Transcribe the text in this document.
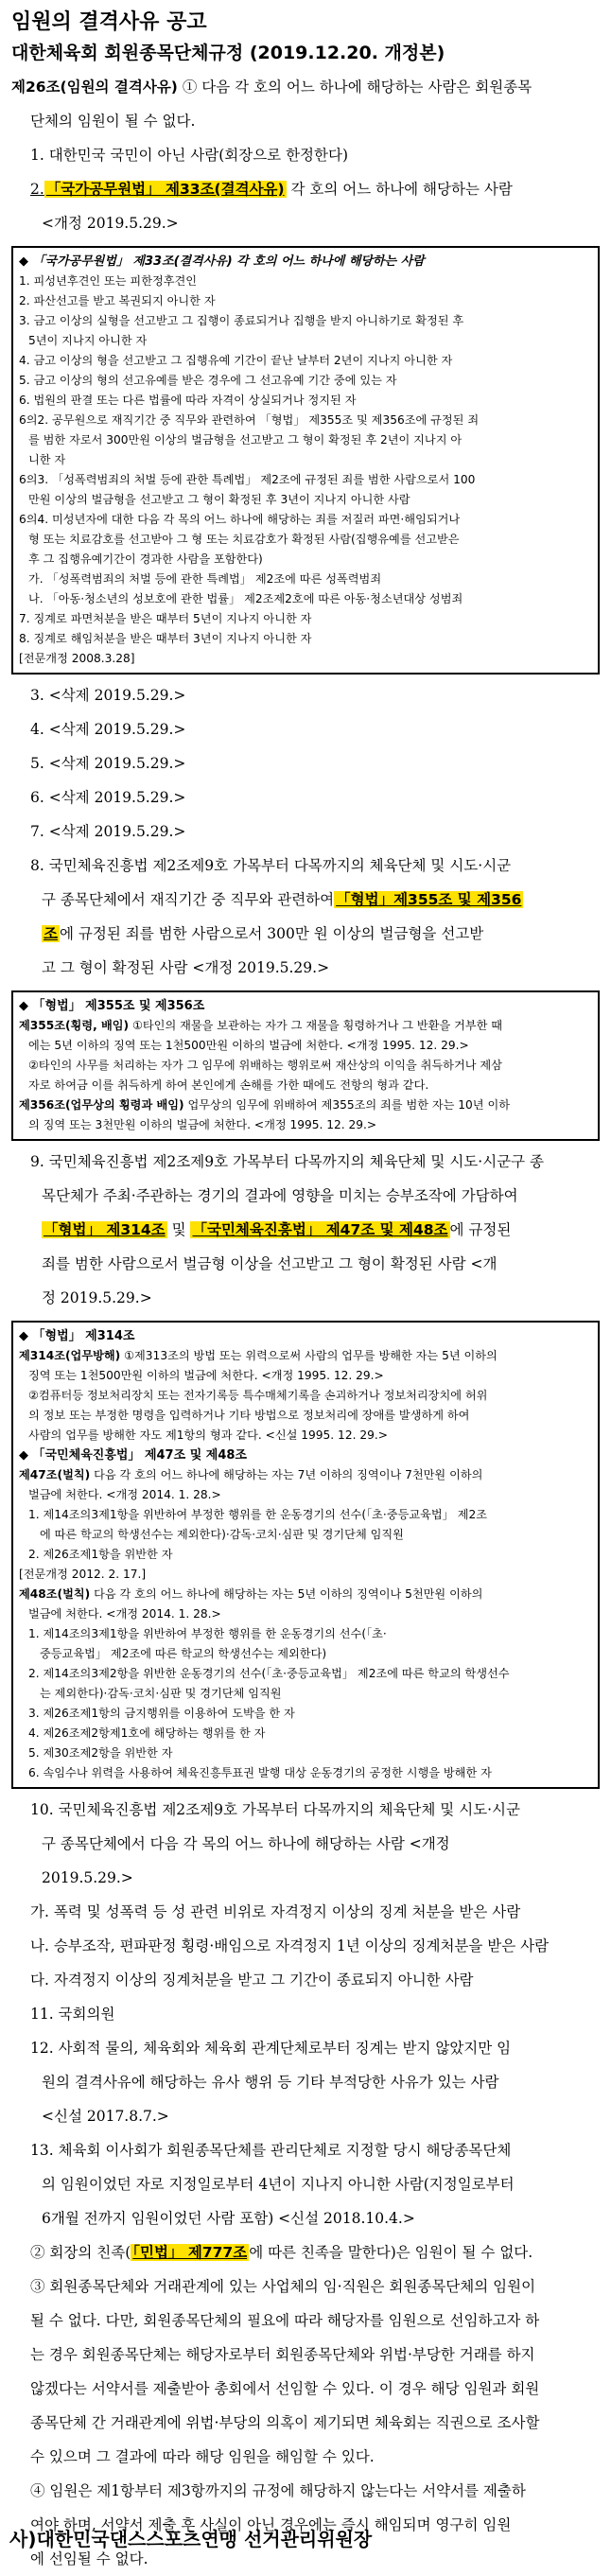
임원의 결격사유 공고
대한체육회 회원종목단체규정 (2019.12.20. 개정본)

제26조(임원의 결격사유) ① 다음 각 호의 어느 하나에 해당하는 사람은 회원종목

단체의 임원이 될 수 없다.

1. 대한민국 국민이 아닌 사람(회장으로 한정한다)

2. 「국가공무원법」 제33조(결격사유) 각 호의 어느 하나에 해당하는 사람

<개정 2019.5.29.>

◆ 「국가공무원법」 제33조(결격사유) 각 호의 어느 하나에 해당하는 사람

1. 피성년후견인 또는 피한정후견인

2. 파산선고를 받고 복권되지 아니한 자

3. 금고 이상의 실형을 선고받고 그 집행이 종료되거나 집행을 받지 아니하기로 확정된 후

5년이 지나지 아니한 자

4. 금고 이상의 형을 선고받고 그 집행유예 기간이 끝난 날부터 2년이 지나지 아니한 자

5. 금고 이상의 형의 선고유예를 받은 경우에 그 선고유예 기간 중에 있는 자

6. 법원의 판결 또는 다른 법률에 따라 자격이 상실되거나 정지된 자

6의2. 공무원으로 재직기간 중 직무와 관련하여 「형법」 제355조 및 제356조에 규정된 죄

를 범한 자로서 300만원 이상의 벌금형을 선고받고 그 형이 확정된 후 2년이 지나지 아

니한 자

6의3. 「성폭력범죄의 처벌 등에 관한 특례법」 제2조에 규정된 죄를 범한 사람으로서 100

만원 이상의 벌금형을 선고받고 그 형이 확정된 후 3년이 지나지 아니한 사람

6의4. 미성년자에 대한 다음 각 목의 어느 하나에 해당하는 죄를 저질러 파면·해임되거나

형 또는 치료감호를 선고받아 그 형 또는 치료감호가 확정된 사람(집행유예를 선고받은

후 그 집행유예기간이 경과한 사람을 포함한다)

가. 「성폭력범죄의 처벌 등에 관한 특례법」 제2조에 따른 성폭력범죄

나. 「아동·청소년의 성보호에 관한 법률」 제2조제2호에 따른 아동·청소년대상 성범죄

7. 징계로 파면처분을 받은 때부터 5년이 지나지 아니한 자

8. 징계로 해임처분을 받은 때부터 3년이 지나지 아니한 자

[전문개정 2008.3.28]

3. <삭제 2019.5.29.>

4. <삭제 2019.5.29.>

5. <삭제 2019.5.29.>

6. <삭제 2019.5.29.>

7. <삭제 2019.5.29.>

8. 국민체육진흥법 제2조제9호 가목부터 다목까지의 체육단체 및 시도·시군

구 종목단체에서 재직기간 중 직무와 관련하여 「형법」제355조 및 제356

조 에 규정된 죄를 범한 사람으로서 300만 원 이상의 벌금형을 선고받

고 그 형이 확정된 사람 <개정 2019.5.29.>

◆ 「형법」 제355조 및 제356조

제355조(횡령, 배임) ①타인의 재물을 보관하는 자가 그 재물을 횡령하거나 그 반환을 거부한 때

에는 5년 이하의 징역 또는 1천500만원 이하의 벌금에 처한다. <개정 1995. 12. 29.>

②타인의 사무를 처리하는 자가 그 임무에 위배하는 행위로써 재산상의 이익을 취득하거나 제삼

자로 하여금 이를 취득하게 하여 본인에게 손해를 가한 때에도 전항의 형과 같다.

제356조(업무상의 횡령과 배임) 업무상의 임무에 위배하여 제355조의 죄를 범한 자는 10년 이하

의 징역 또는 3천만원 이하의 벌금에 처한다. <개정 1995. 12. 29.>

9. 국민체육진흥법 제2조제9호 가목부터 다목까지의 체육단체 및 시도·시군구 종

목단체가 주최·주관하는 경기의 결과에 영향을 미치는 승부조작에 가담하여

「형법」 제314조 및 「국민체육진흥법」 제47조 및 제48조 에 규정된

죄를 범한 사람으로서 벌금형 이상을 선고받고 그 형이 확정된 사람 <개

정 2019.5.29.>

◆ 「형법」 제314조

제314조(업무방해) ①제313조의 방법 또는 위력으로써 사람의 업무를 방해한 자는 5년 이하의

징역 또는 1천500만원 이하의 벌금에 처한다. <개정 1995. 12. 29.>

②컴퓨터등 정보처리장치 또는 전자기록등 특수매체기록을 손괴하거나 정보처리장치에 허위

의 정보 또는 부정한 명령을 입력하거나 기타 방법으로 정보처리에 장애를 발생하게 하여

사람의 업무를 방해한 자도 제1항의 형과 같다. <신설 1995. 12. 29.>

◆ 「국민체육진흥법」 제47조 및 제48조

제47조(벌칙) 다음 각 호의 어느 하나에 해당하는 자는 7년 이하의 징역이나 7천만원 이하의

벌금에 처한다. <개정 2014. 1. 28.>

1. 제14조의3제1항을 위반하여 부정한 행위를 한 운동경기의 선수(「초·중등교육법」 제2조

에 따른 학교의 학생선수는 제외한다)·감독·코치·심판 및 경기단체 임직원

2. 제26조제1항을 위반한 자

[전문개정 2012. 2. 17.]

제48조(벌칙) 다음 각 호의 어느 하나에 해당하는 자는 5년 이하의 징역이나 5천만원 이하의

벌금에 처한다. <개정 2014. 1. 28.>

1. 제14조의3제1항을 위반하여 부정한 행위를 한 운동경기의 선수(「초·

중등교육법」 제2조에 따른 학교의 학생선수는 제외한다)

2. 제14조의3제2항을 위반한 운동경기의 선수(「초·중등교육법」 제2조에 따른 학교의 학생선수

는 제외한다)·감독·코치·심판 및 경기단체 임직원

3. 제26조제1항의 금지행위를 이용하여 도박을 한 자

4. 제26조제2항제1호에 해당하는 행위를 한 자

5. 제30조제2항을 위반한 자

6. 속임수나 위력을 사용하여 체육진흥투표권 발행 대상 운동경기의 공정한 시행을 방해한 자

10. 국민체육진흥법 제2조제9호 가목부터 다목까지의 체육단체 및 시도·시군

구 종목단체에서 다음 각 목의 어느 하나에 해당하는 사람 <개정

2019.5.29.>

가. 폭력 및 성폭력 등 성 관련 비위로 자격정지 이상의 징계 처분을 받은 사람

나. 승부조작, 편파판정 횡령·배임으로 자격정지 1년 이상의 징계처분을 받은 사람

다. 자격정지 이상의 징계처분을 받고 그 기간이 종료되지 아니한 사람

11. 국회의원

12. 사회적 물의, 체육회와 체육회 관계단체로부터 징계는 받지 않았지만 임

원의 결격사유에 해당하는 유사 행위 등 기타 부적당한 사유가 있는 사람

<신설 2017.8.7.>

13. 체육회 이사회가 회원종목단체를 관리단체로 지정할 당시 해당종목단체

의 임원이었던 자로 지정일로부터 4년이 지나지 아니한 사람(지정일로부터

6개월 전까지 임원이었던 사람 포함) <신설 2018.10.4.>

② 회장의 친족( 「민법」 제777조 에 따른 친족을 말한다)은 임원이 될 수 없다.

③ 회원종목단체와 거래관계에 있는 사업체의 임·직원은 회원종목단체의 임원이

될 수 없다. 다만, 회원종목단체의 필요에 따라 해당자를 임원으로 선임하고자 하

는 경우 회원종목단체는 해당자로부터 회원종목단체와 위법·부당한 거래를 하지

않겠다는 서약서를 제출받아 총회에서 선임할 수 있다. 이 경우 해당 임원과 회원

종목단체 간 거래관계에 위법·부당의 의혹이 제기되면 체육회는 직권으로 조사할

수 있으며 그 결과에 따라 해당 임원을 해임할 수 있다.

④ 임원은 제1항부터 제3항까지의 규정에 해당하지 않는다는 서약서를 제출하

여야 하며, 서약서 제출 후 사실이 아닌 경우에는 즉시 해임되며 영구히 임원

에 선임될 수 없다.

사)대한민국댄스스포츠연맹 선거관리위원장
